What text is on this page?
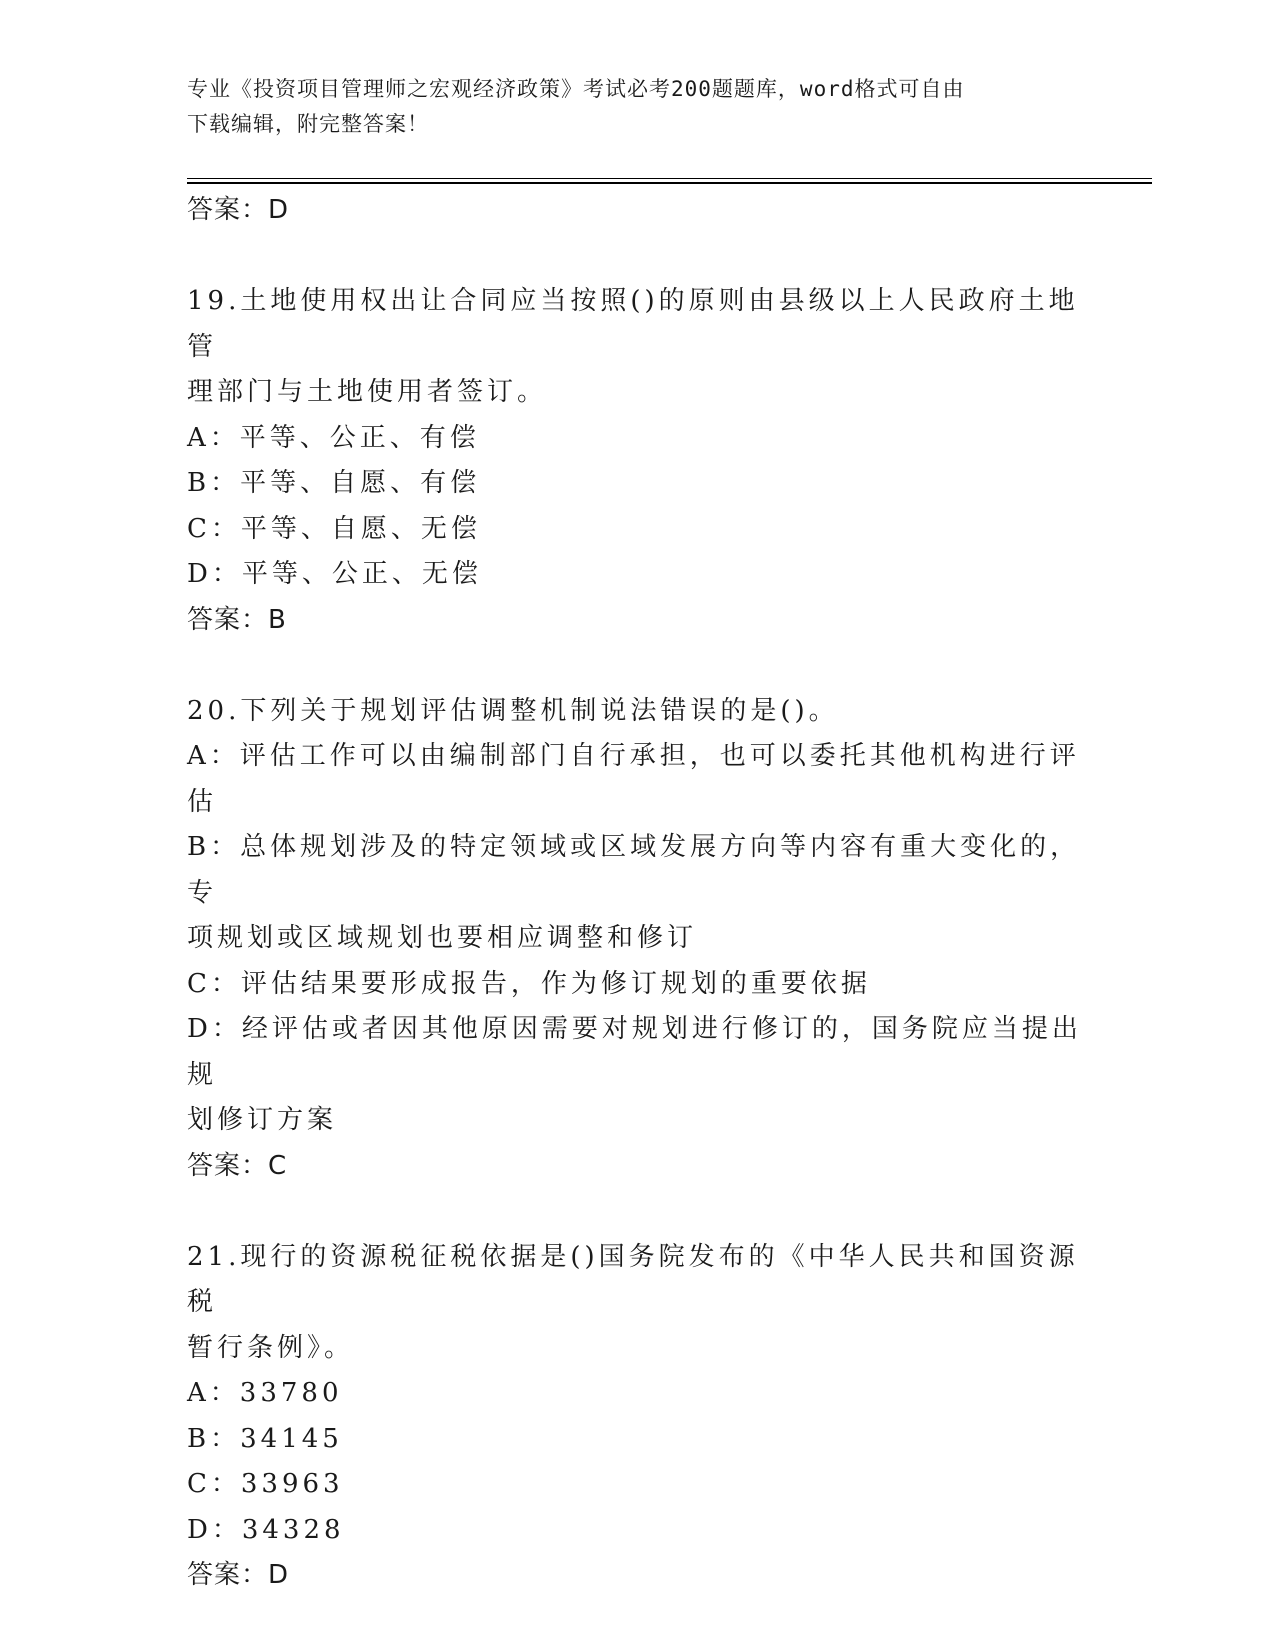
专业《投资项目管理师之宏观经济政策》考试必考200题题库，word格式可自由
下载编辑，附完整答案！
答案：D
19.土地使用权出让合同应当按照()的原则由县级以上人民政府土地管
理部门与土地使用者签订。
A：平等、公正、有偿
B：平等、自愿、有偿
C：平等、自愿、无偿
D：平等、公正、无偿
答案：B
20.下列关于规划评估调整机制说法错误的是()。
A：评估工作可以由编制部门自行承担，也可以委托其他机构进行评估
B：总体规划涉及的特定领域或区域发展方向等内容有重大变化的，专
项规划或区域规划也要相应调整和修订
C：评估结果要形成报告，作为修订规划的重要依据
D：经评估或者因其他原因需要对规划进行修订的，国务院应当提出规
划修订方案
答案：C
21.现行的资源税征税依据是()国务院发布的《中华人民共和国资源税
暂行条例》。
A：33780
B：34145
C：33963
D：34328
答案：D
